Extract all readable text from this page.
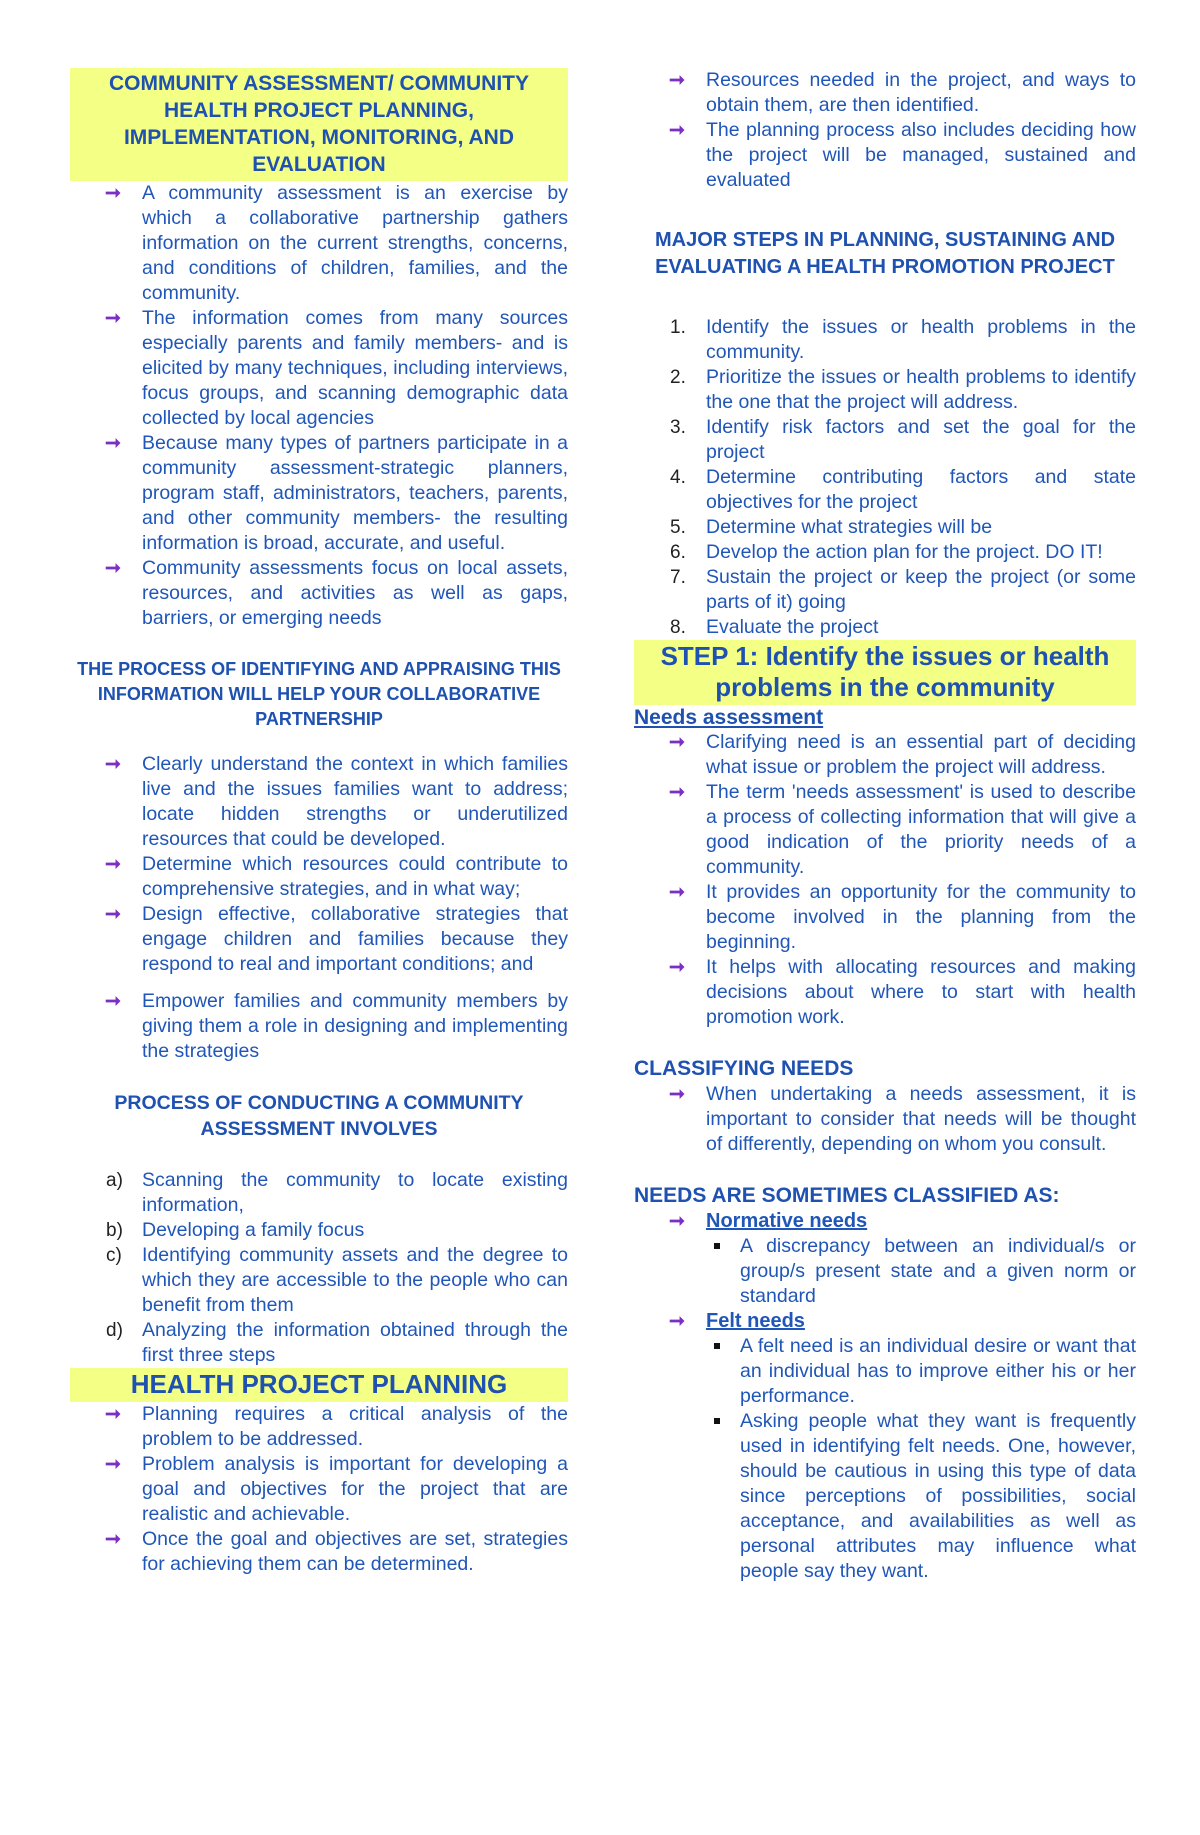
COMMUNITY ASSESSMENT/ COMMUNITY HEALTH PROJECT PLANNING, IMPLEMENTATION, MONITORING, AND EVALUATION
➞ A community assessment is an exercise by which a collaborative partnership gathers information on the current strengths, concerns, and conditions of children, families, and the community.
➞ The information comes from many sources especially parents and family members- and is elicited by many techniques, including interviews, focus groups, and scanning demographic data collected by local agencies
➞ Because many types of partners participate in a community assessment-strategic planners, program staff, administrators, teachers, parents, and other community members- the resulting information is broad, accurate, and useful.
➞ Community assessments focus on local assets, resources, and activities as well as gaps, barriers, or emerging needs
THE PROCESS OF IDENTIFYING AND APPRAISING THIS INFORMATION WILL HELP YOUR COLLABORATIVE PARTNERSHIP
➞ Clearly understand the context in which families live and the issues families want to address; locate hidden strengths or underutilized resources that could be developed.
➞ Determine which resources could contribute to comprehensive strategies, and in what way;
➞ Design effective, collaborative strategies that engage children and families because they respond to real and important conditions; and
➞ Empower families and community members by giving them a role in designing and implementing the strategies
PROCESS OF CONDUCTING A COMMUNITY ASSESSMENT INVOLVES
a) Scanning the community to locate existing information,
b) Developing a family focus
c) Identifying community assets and the degree to which they are accessible to the people who can benefit from them
d) Analyzing the information obtained through the first three steps
HEALTH PROJECT PLANNING
➞ Planning requires a critical analysis of the problem to be addressed.
➞ Problem analysis is important for developing a goal and objectives for the project that are realistic and achievable.
➞ Once the goal and objectives are set, strategies for achieving them can be determined.
➞ Resources needed in the project, and ways to obtain them, are then identified.
➞ The planning process also includes deciding how the project will be managed, sustained and evaluated
MAJOR STEPS IN PLANNING, SUSTAINING AND EVALUATING A HEALTH PROMOTION PROJECT
1. Identify the issues or health problems in the community.
2. Prioritize the issues or health problems to identify the one that the project will address.
3. Identify risk factors and set the goal for the project
4. Determine contributing factors and state objectives for the project
5. Determine what strategies will be
6. Develop the action plan for the project. DO IT!
7. Sustain the project or keep the project (or some parts of it) going
8. Evaluate the project
STEP 1: Identify the issues or health problems in the community
Needs assessment
➞ Clarifying need is an essential part of deciding what issue or problem the project will address.
➞ The term 'needs assessment' is used to describe a process of collecting information that will give a good indication of the priority needs of a community.
➞ It provides an opportunity for the community to become involved in the planning from the beginning.
➞ It helps with allocating resources and making decisions about where to start with health promotion work.
CLASSIFYING NEEDS
➞ When undertaking a needs assessment, it is important to consider that needs will be thought of differently, depending on whom you consult.
NEEDS ARE SOMETIMES CLASSIFIED AS:
➞ Normative needs
A discrepancy between an individual/s or group/s present state and a given norm or standard
➞ Felt needs
A felt need is an individual desire or want that an individual has to improve either his or her performance.
Asking people what they want is frequently used in identifying felt needs. One, however, should be cautious in using this type of data since perceptions of possibilities, social acceptance, and availabilities as well as personal attributes may influence what people say they want.
